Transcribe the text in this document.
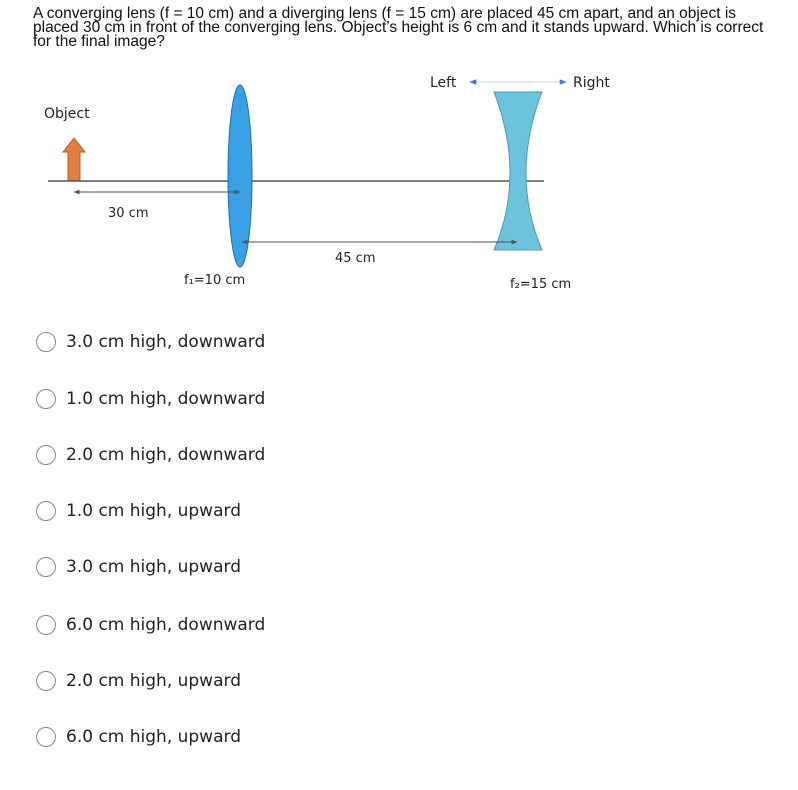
A converging lens (f = 10 cm) and a diverging lens (f = 15 cm) are placed 45 cm apart, and an object is placed 30 cm in front of the converging lens. Object’s height is 6 cm and it stands upward. Which is correct for the final image?

Left	Right
Object
30 cm
45 cm
f₁=10 cm	f₂=15 cm
3.0 cm high, downward
1.0 cm high, downward
2.0 cm high, downward
1.0 cm high, upward
3.0 cm high, upward
6.0 cm high, downward
2.0 cm high, upward
6.0 cm high, upward
